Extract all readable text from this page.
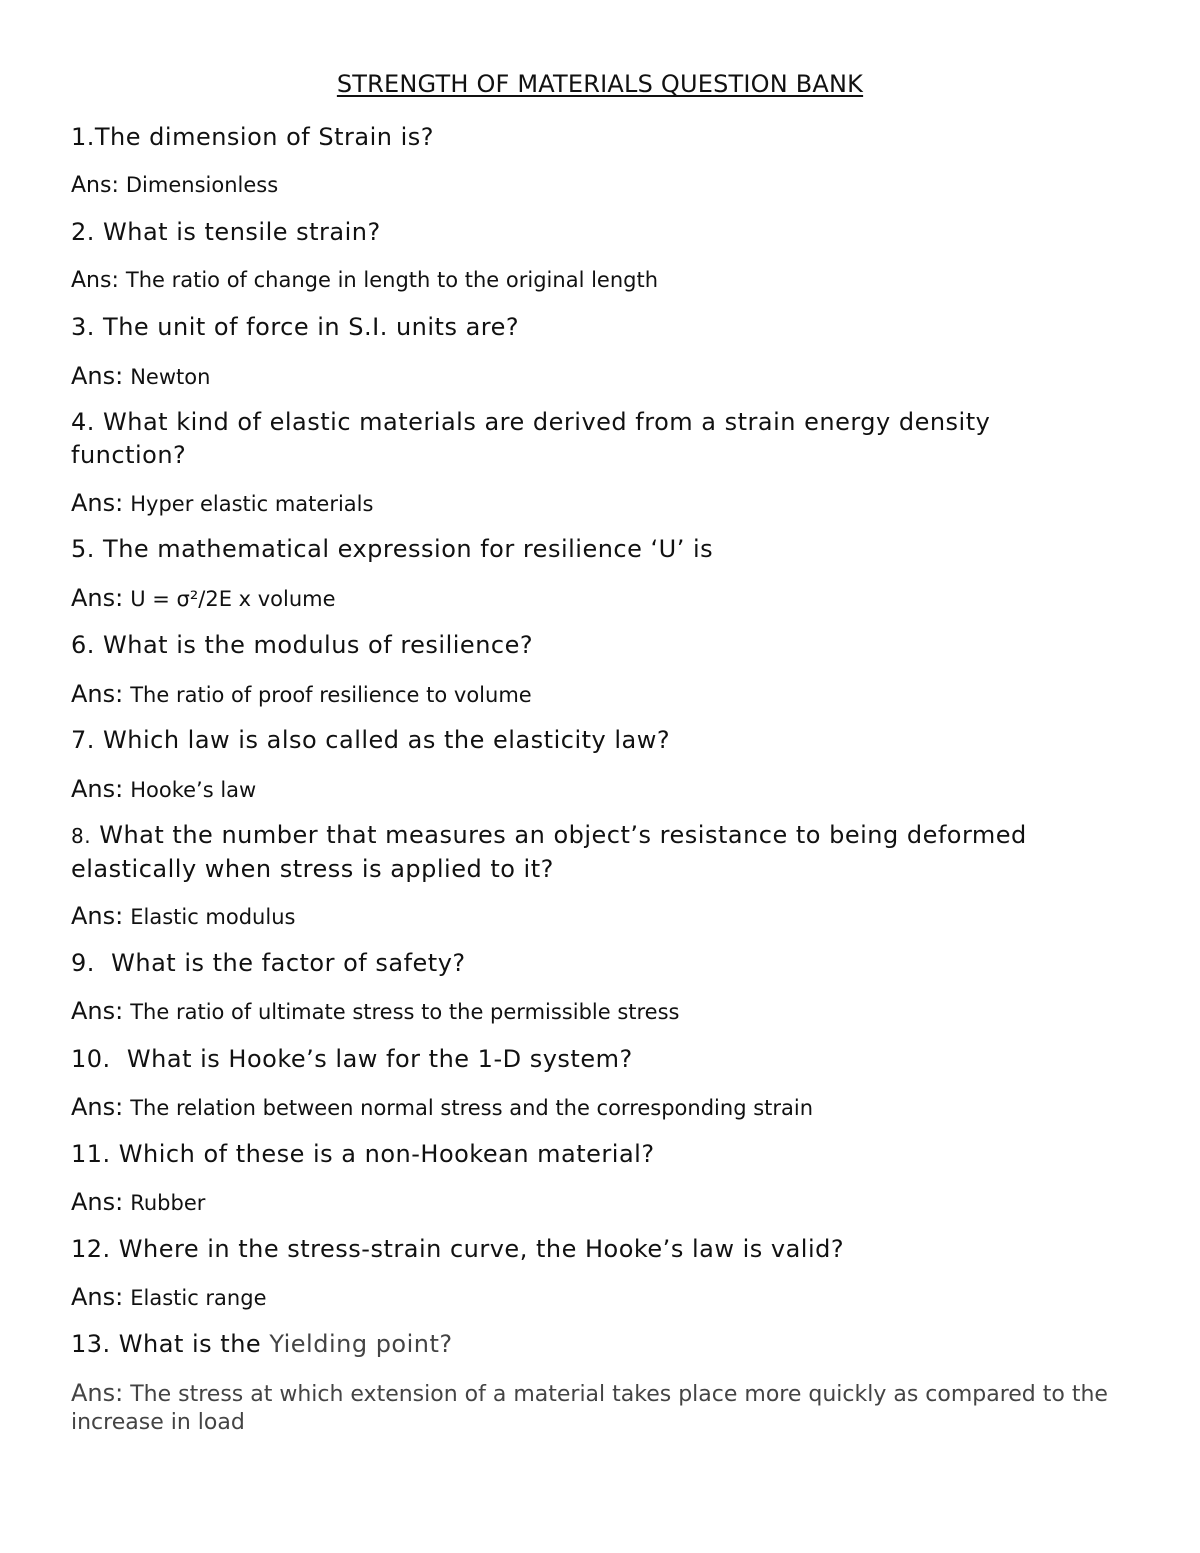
STRENGTH OF MATERIALS QUESTION BANK
1.The dimension of Strain is?
Ans: Dimensionless
2. What is tensile strain?
Ans: The ratio of change in length to the original length
3. The unit of force in S.I. units are?
Ans: Newton
4. What kind of elastic materials are derived from a strain energy density function?
Ans: Hyper elastic materials
5. The mathematical expression for resilience ‘U’ is
Ans: U = σ²/2E x volume
6. What is the modulus of resilience?
Ans: The ratio of proof resilience to volume
7. Which law is also called as the elasticity law?
Ans: Hooke’s law
8. What the number that measures an object’s resistance to being deformed elastically when stress is applied to it?
Ans: Elastic modulus
9.  What is the factor of safety?
Ans: The ratio of ultimate stress to the permissible stress
10.  What is Hooke’s law for the 1-D system?
Ans: The relation between normal stress and the corresponding strain
11. Which of these is a non-Hookean material?
Ans: Rubber
12. Where in the stress-strain curve, the Hooke’s law is valid?
Ans: Elastic range
13. What is the Yielding point?
Ans: The stress at which extension of a material takes place more quickly as compared to the increase in load
